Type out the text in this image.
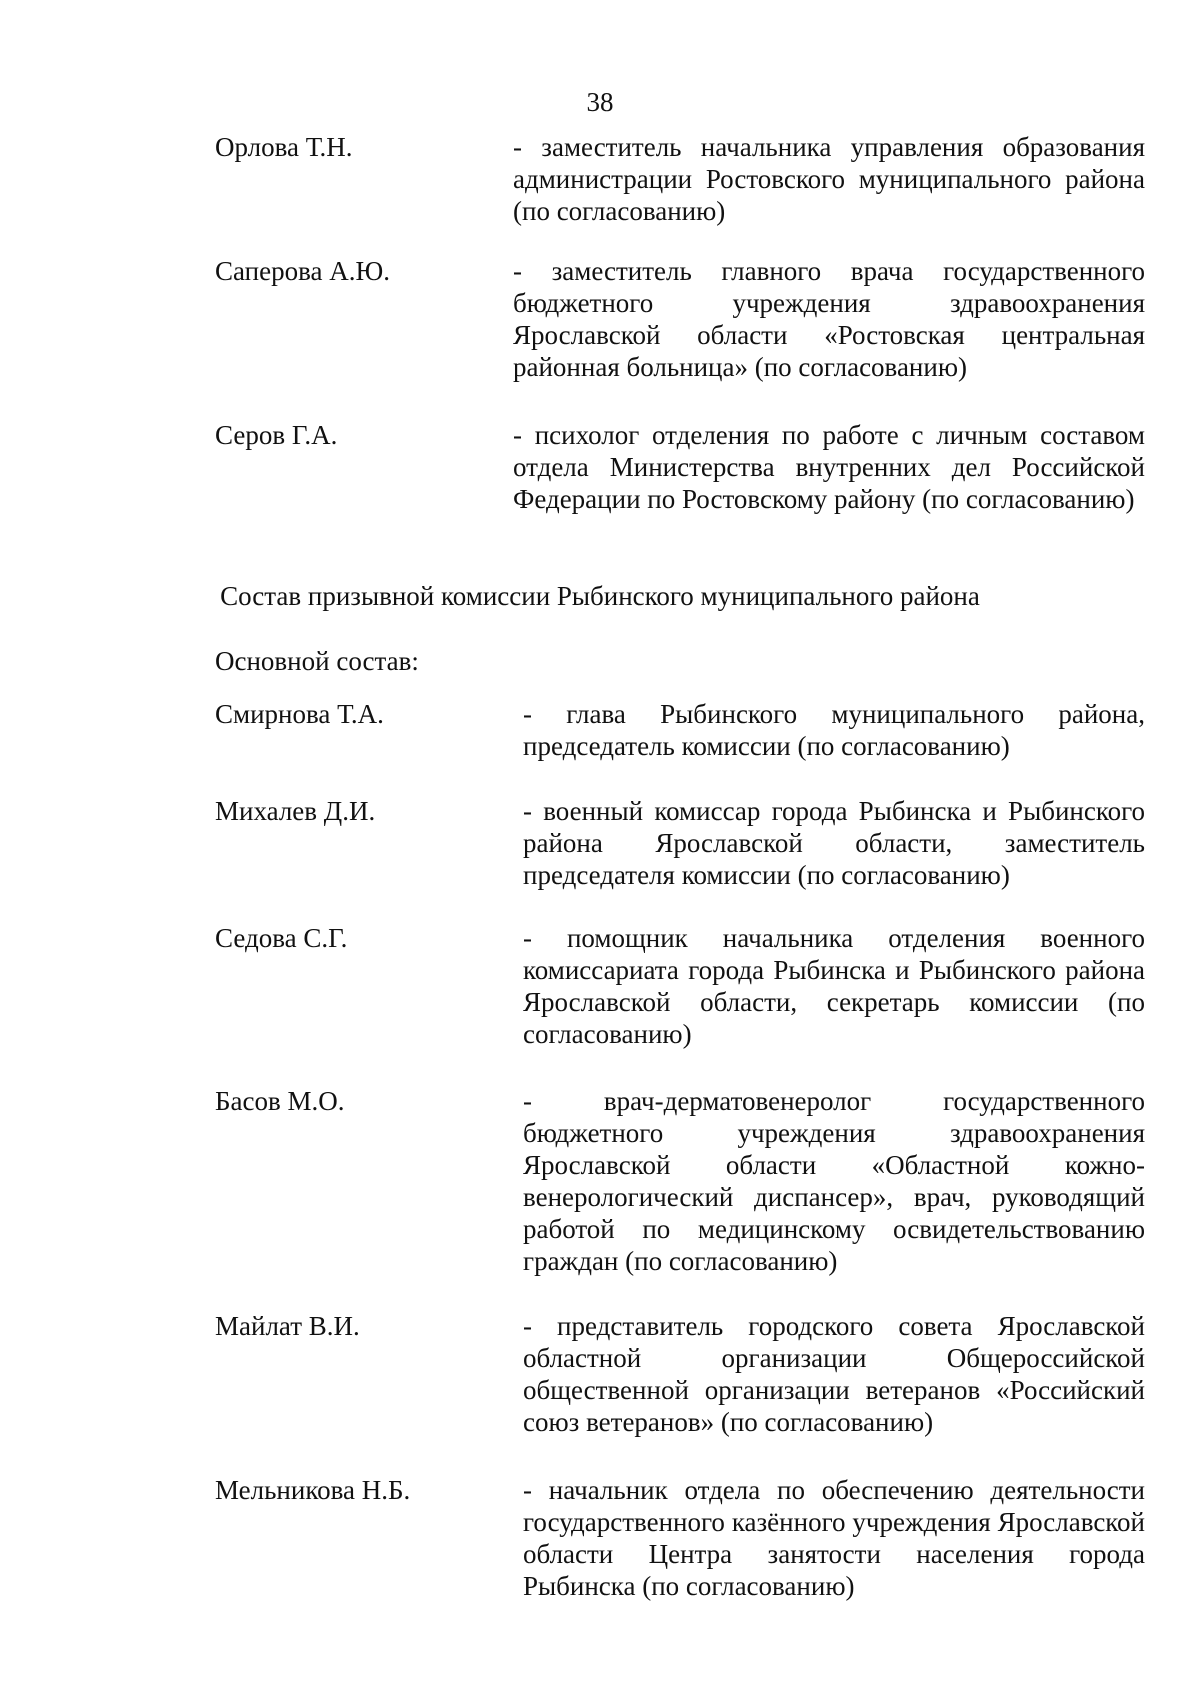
38
Орлова Т.Н.	- заместитель начальника управления образования администрации Ростовского муниципального района (по согласованию)
Саперова А.Ю.	- заместитель главного врача государственного бюджетного учреждения здравоохранения Ярославской области «Ростовская центральная районная больница» (по согласованию)
Серов Г.А.	- психолог отделения по работе с личным составом отдела Министерства внутренних дел Российской Федерации по Ростовскому району (по согласованию)
Состав призывной комиссии Рыбинского муниципального района
Основной состав:
Смирнова Т.А.	- глава Рыбинского муниципального района, председатель комиссии (по согласованию)
Михалев Д.И.	- военный комиссар города Рыбинска и Рыбинского района Ярославской области, заместитель председателя комиссии (по согласованию)
Седова С.Г.	- помощник начальника отделения военного комиссариата города Рыбинска и Рыбинского района Ярославской области, секретарь комиссии (по согласованию)
Басов М.О.	- врач-дерматовенеролог государственного бюджетного учреждения здравоохранения Ярославской области «Областной кожно-венерологический диспансер», врач, руководящий работой по медицинскому освидетельствованию граждан (по согласованию)
Майлат В.И.	- представитель городского совета Ярославской областной организации Общероссийской общественной организации ветеранов «Российский союз ветеранов» (по согласованию)
Мельникова Н.Б.	- начальник отдела по обеспечению деятельности государственного казённого учреждения Ярославской области Центра занятости населения города Рыбинска (по согласованию)
